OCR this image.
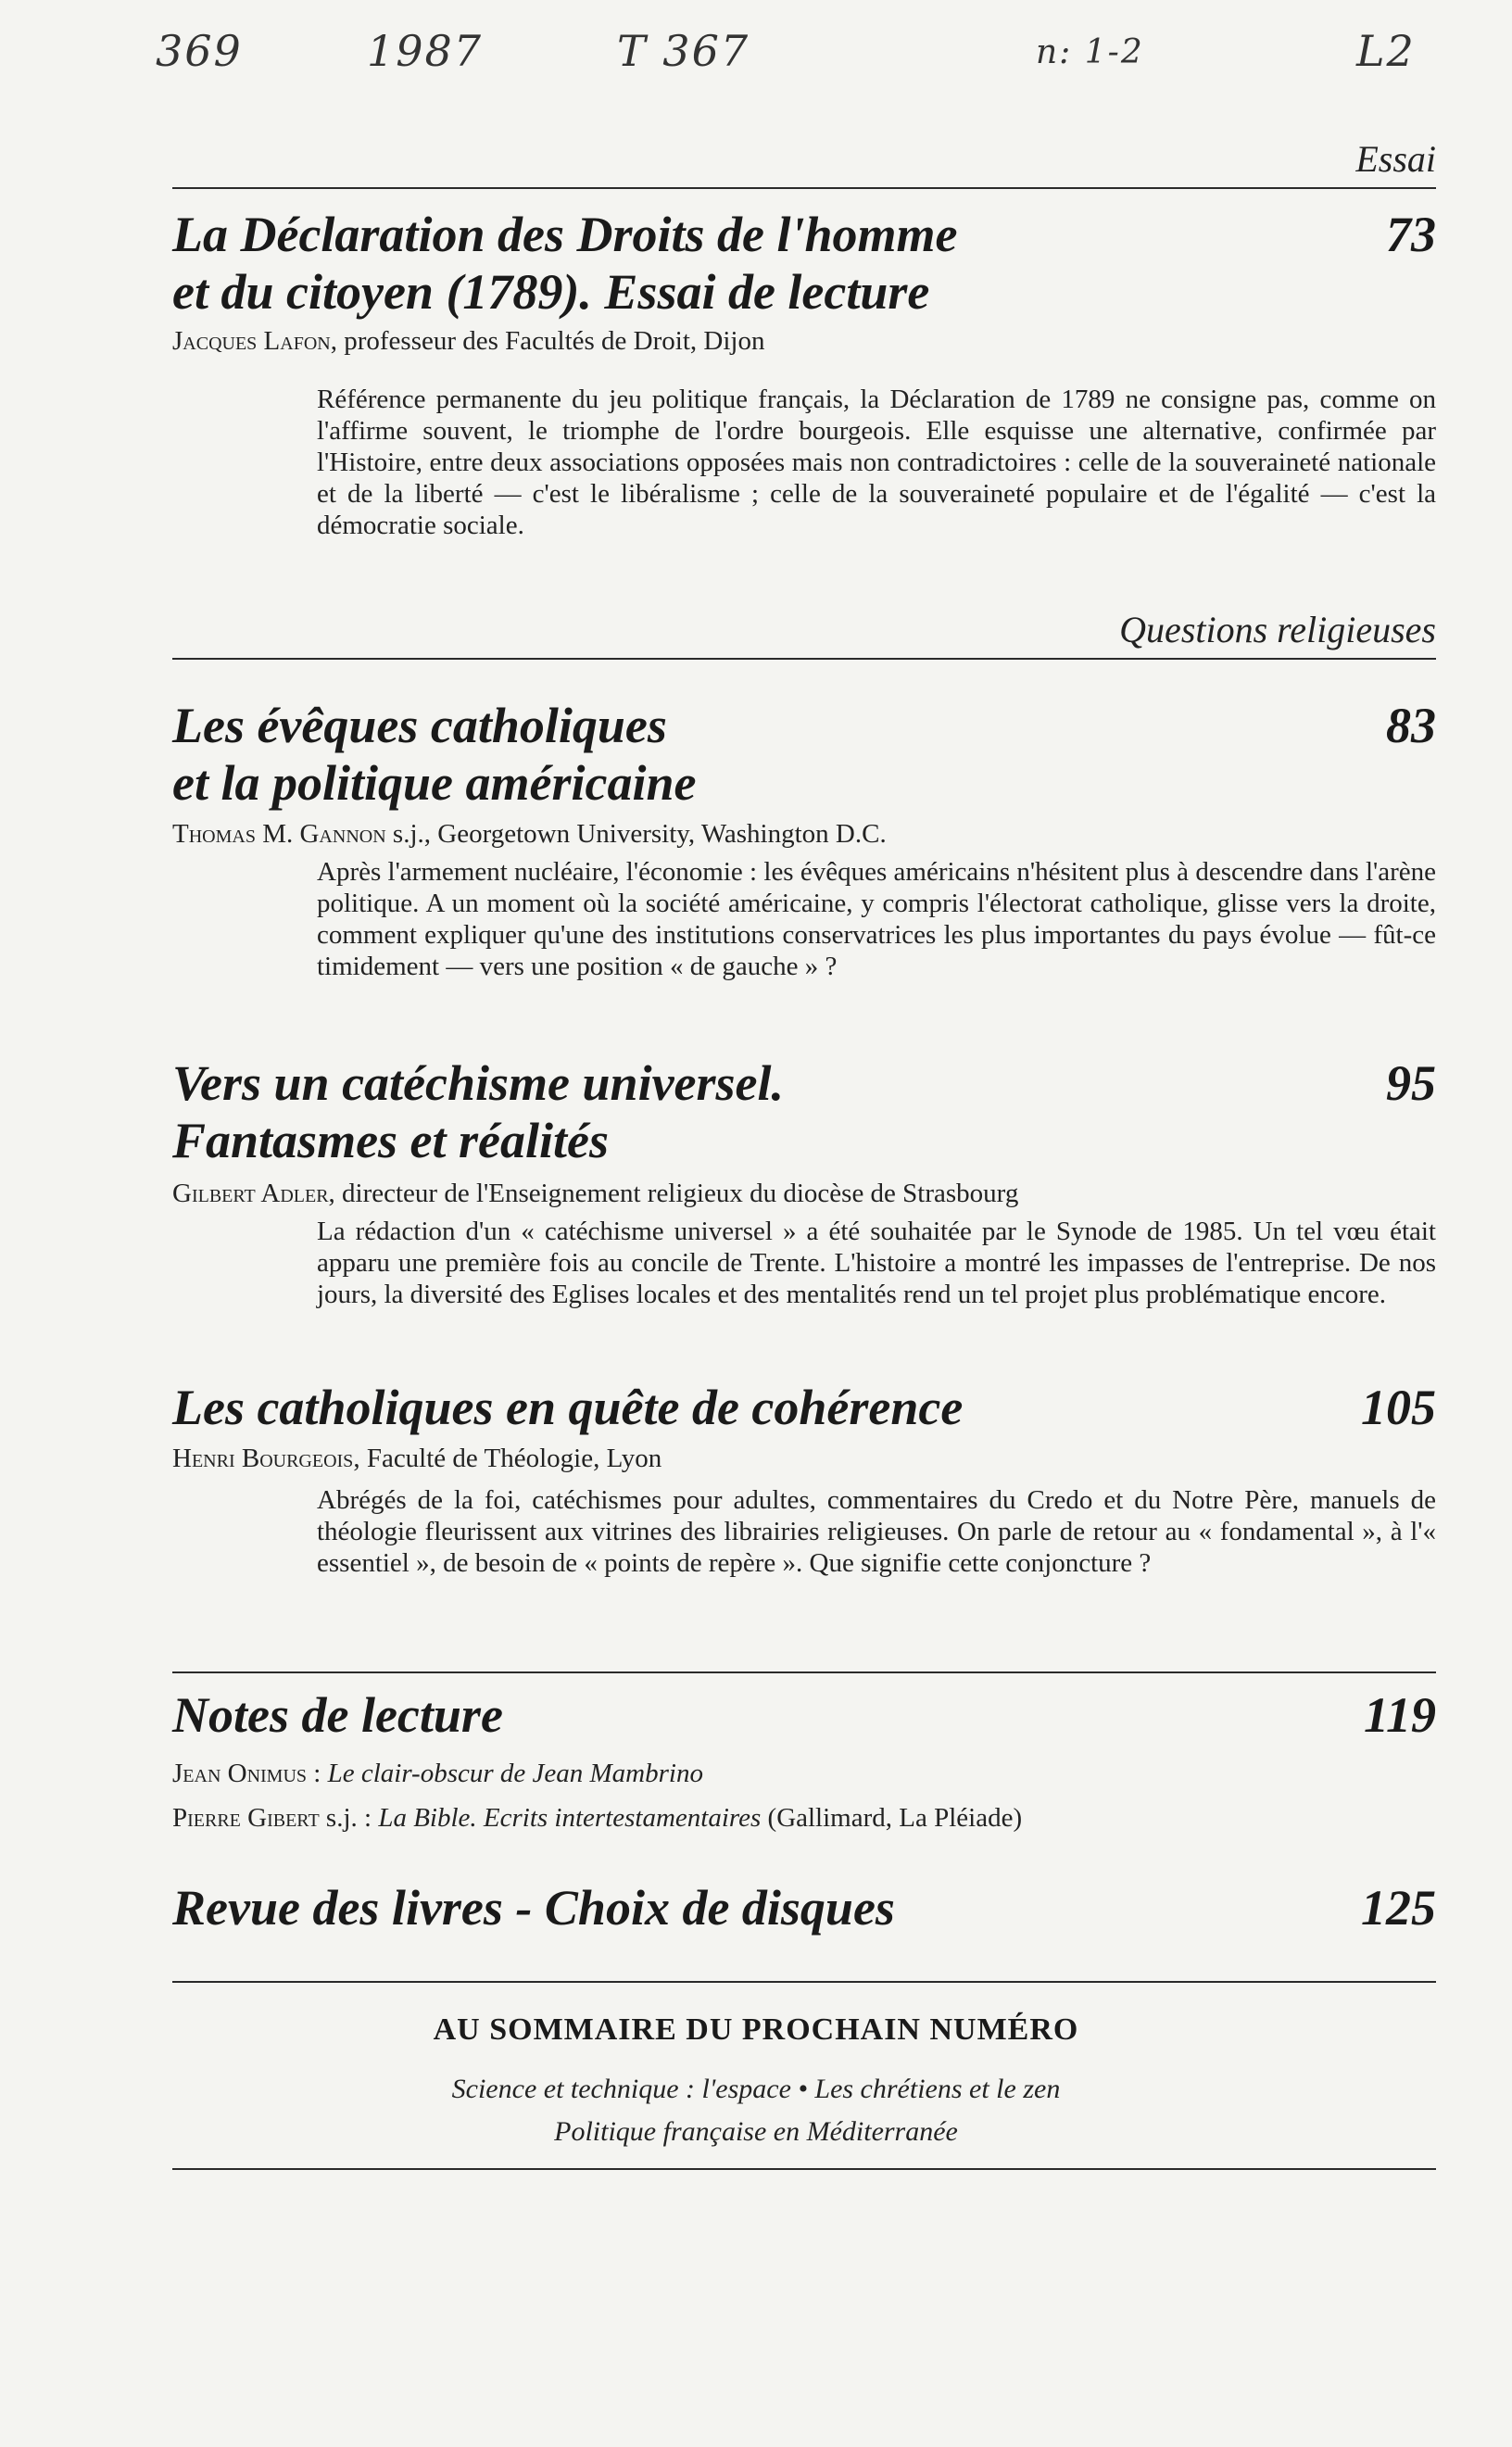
369	1987	T 367	n: 1-2	L2
Essai
La Déclaration des Droits de l'homme
et du citoyen (1789). Essai de lecture
73
Jacques Lafon, professeur des Facultés de Droit, Dijon
Référence permanente du jeu politique français, la Déclaration de 1789 ne consigne pas, comme on l'affirme souvent, le triomphe de l'ordre bourgeois. Elle esquisse une alternative, confirmée par l'Histoire, entre deux associations opposées mais non contradictoires : celle de la souveraineté nationale et de la liberté — c'est le libéralisme ; celle de la souveraineté populaire et de l'égalité — c'est la démocratie sociale.
Questions religieuses
Les évêques catholiques
et la politique américaine
83
Thomas M. Gannon s.j., Georgetown University, Washington D.C.
Après l'armement nucléaire, l'économie : les évêques américains n'hésitent plus à descendre dans l'arène politique. A un moment où la société américaine, y compris l'électorat catholique, glisse vers la droite, comment expliquer qu'une des institutions conservatrices les plus importantes du pays évolue — fût-ce timidement — vers une position « de gauche » ?
Vers un catéchisme universel.
Fantasmes et réalités
95
Gilbert Adler, directeur de l'Enseignement religieux du diocèse de Strasbourg
La rédaction d'un « catéchisme universel » a été souhaitée par le Synode de 1985. Un tel vœu était apparu une première fois au concile de Trente. L'histoire a montré les impasses de l'entreprise. De nos jours, la diversité des Eglises locales et des mentalités rend un tel projet plus problématique encore.
Les catholiques en quête de cohérence	105
Henri Bourgeois, Faculté de Théologie, Lyon
Abrégés de la foi, catéchismes pour adultes, commentaires du Credo et du Notre Père, manuels de théologie fleurissent aux vitrines des librairies religieuses. On parle de retour au « fondamental », à l'« essentiel », de besoin de « points de repère ». Que signifie cette conjoncture ?
Notes de lecture	119
Jean Onimus : Le clair-obscur de Jean Mambrino
Pierre Gibert s.j. : La Bible. Ecrits intertestamentaires (Gallimard, La Pléiade)
Revue des livres - Choix de disques	125
AU SOMMAIRE DU PROCHAIN NUMÉRO
Science et technique : l'espace • Les chrétiens et le zen
Politique française en Méditerranée
